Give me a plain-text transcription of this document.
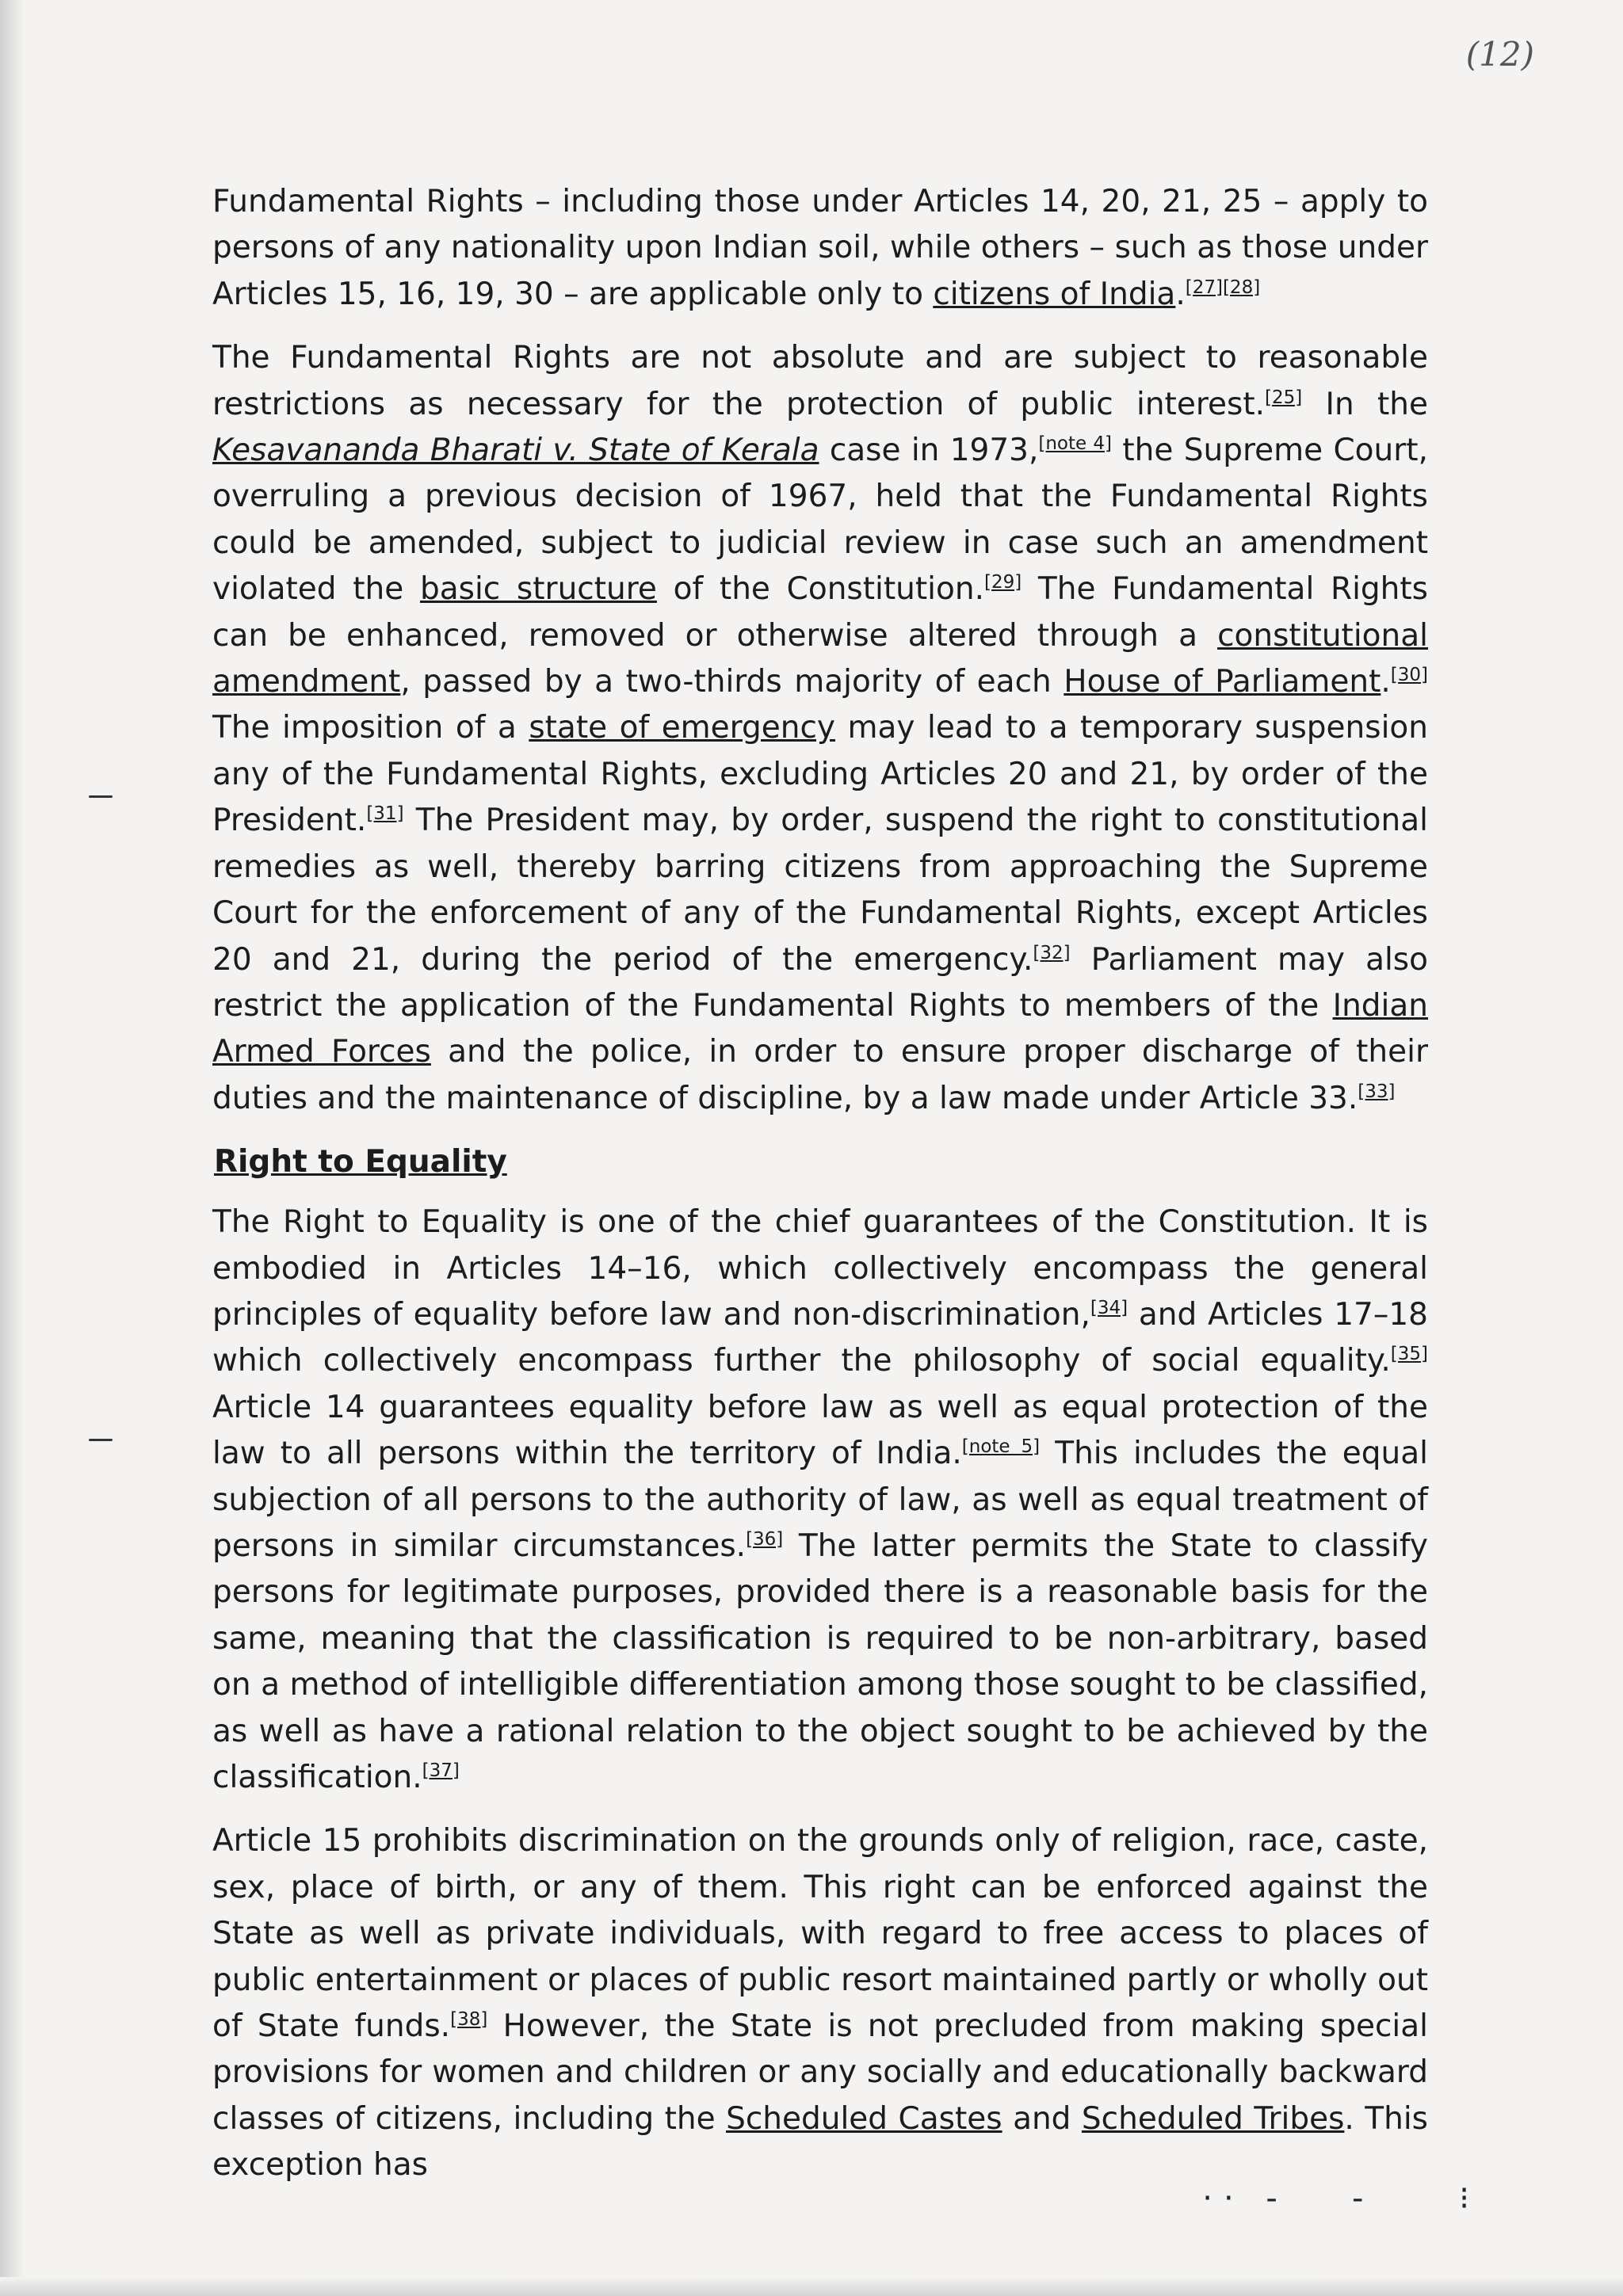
(12)

Fundamental Rights – including those under Articles 14, 20, 21, 25 – apply to persons of any nationality upon Indian soil, while others – such as those under Articles 15, 16, 19, 30 – are applicable only to citizens of India.[27][28]

The Fundamental Rights are not absolute and are subject to reasonable restrictions as necessary for the protection of public interest.[25] In the Kesavananda Bharati v. State of Kerala case in 1973,[note 4] the Supreme Court, overruling a previous decision of 1967, held that the Fundamental Rights could be amended, subject to judicial review in case such an amendment violated the basic structure of the Constitution.[29] The Fundamental Rights can be enhanced, removed or otherwise altered through a constitutional amendment, passed by a two-thirds majority of each House of Parliament.[30] The imposition of a state of emergency may lead to a temporary suspension any of the Fundamental Rights, excluding Articles 20 and 21, by order of the President.[31] The President may, by order, suspend the right to constitutional remedies as well, thereby barring citizens from approaching the Supreme Court for the enforcement of any of the Fundamental Rights, except Articles 20 and 21, during the period of the emergency.[32] Parliament may also restrict the application of the Fundamental Rights to members of the Indian Armed Forces and the police, in order to ensure proper discharge of their duties and the maintenance of discipline, by a law made under Article 33.[33]

Right to Equality

The Right to Equality is one of the chief guarantees of the Constitution. It is embodied in Articles 14–16, which collectively encompass the general principles of equality before law and non-discrimination,[34] and Articles 17–18 which collectively encompass further the philosophy of social equality.[35] Article 14 guarantees equality before law as well as equal protection of the law to all persons within the territory of India.[note 5] This includes the equal subjection of all persons to the authority of law, as well as equal treatment of persons in similar circumstances.[36] The latter permits the State to classify persons for legitimate purposes, provided there is a reasonable basis for the same, meaning that the classification is required to be non-arbitrary, based on a method of intelligible differentiation among those sought to be classified, as well as have a rational relation to the object sought to be achieved by the classification.[37]

Article 15 prohibits discrimination on the grounds only of religion, race, caste, sex, place of birth, or any of them. This right can be enforced against the State as well as private individuals, with regard to free access to places of public entertainment or places of public resort maintained partly or wholly out of State funds.[38] However, the State is not precluded from making special provisions for women and children or any socially and educationally backward classes of citizens, including the Scheduled Castes and Scheduled Tribes. This exception has

·· ‑   ‑    ⁝
